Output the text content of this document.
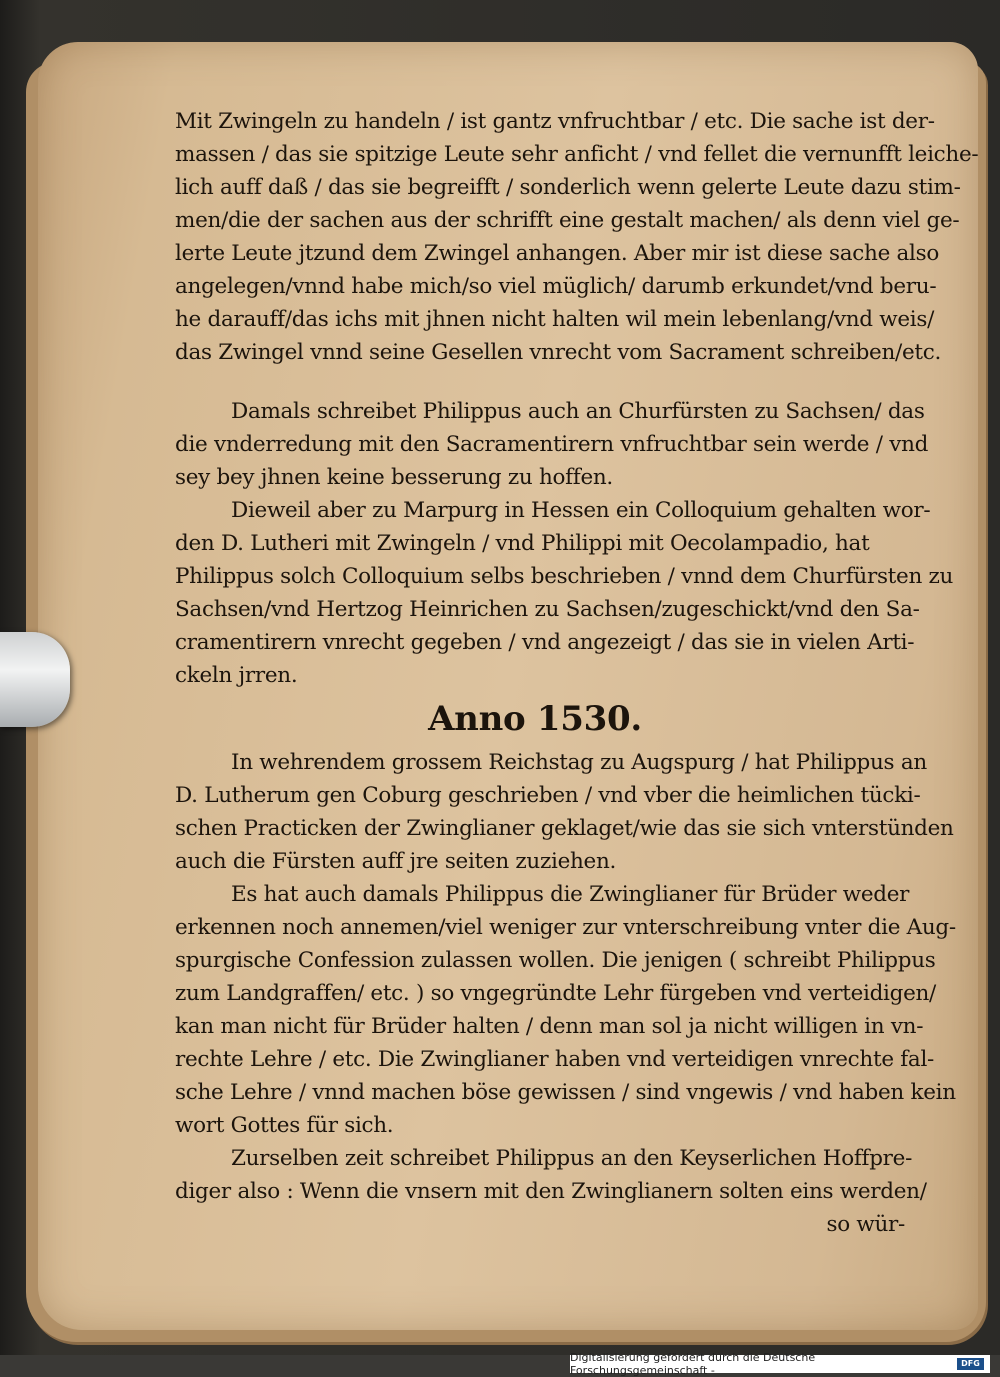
Mit Zwingeln zu handeln / ist gantz vnfruchtbar / etc. Die sache ist der-
massen / das sie spitzige Leute sehr anficht / vnd fellet die vernunfft leiche-
lich auff daß / das sie begreifft / sonderlich wenn gelerte Leute dazu stim-
men/die der sachen aus der schrifft eine gestalt machen/ als denn viel ge-
lerte Leute jtzund dem Zwingel anhangen. Aber mir ist diese sache also
angelegen/vnnd habe mich/so viel müglich/ darumb erkundet/vnd beru-
he darauff/das ichs mit jhnen nicht halten wil mein lebenlang/vnd weis/
das Zwingel vnnd seine Gesellen vnrecht vom Sacrament schreiben/etc.
Damals schreibet Philippus auch an Churfürsten zu Sachsen/ das
die vnderredung mit den Sacramentirern vnfruchtbar sein werde / vnd
sey bey jhnen keine besserung zu hoffen.
Dieweil aber zu Marpurg in Hessen ein Colloquium gehalten wor-
den D. Lutheri mit Zwingeln / vnd Philippi mit Oecolampadio, hat
Philippus solch Colloquium selbs beschrieben / vnnd dem Churfürsten zu
Sachsen/vnd Hertzog Heinrichen zu Sachsen/zugeschickt/vnd den Sa-
cramentirern vnrecht gegeben / vnd angezeigt / das sie in vielen Arti-
ckeln jrren.
Anno 1530.
In wehrendem grossem Reichstag zu Augspurg / hat Philippus an
D. Lutherum gen Coburg geschrieben / vnd vber die heimlichen tücki-
schen Practicken der Zwinglianer geklaget/wie das sie sich vnterstünden
auch die Fürsten auff jre seiten zuziehen.
Es hat auch damals Philippus die Zwinglianer für Brüder weder
erkennen noch annemen/viel weniger zur vnterschreibung vnter die Aug-
spurgische Confession zulassen wollen. Die jenigen ( schreibt Philippus
zum Landgraffen/ etc. ) so vngegründte Lehr fürgeben vnd verteidigen/
kan man nicht für Brüder halten / denn man sol ja nicht willigen in vn-
rechte Lehre / etc. Die Zwinglianer haben vnd verteidigen vnrechte fal-
sche Lehre / vnnd machen böse gewissen / sind vngewis / vnd haben kein
wort Gottes für sich.
Zurselben zeit schreibet Philippus an den Keyserlichen Hoffpre-
diger also : Wenn die vnsern mit den Zwinglianern solten eins werden/
so wür-
Digitalisierung gefördert durch die Deutsche Forschungsgemeinschaft -
DFG
